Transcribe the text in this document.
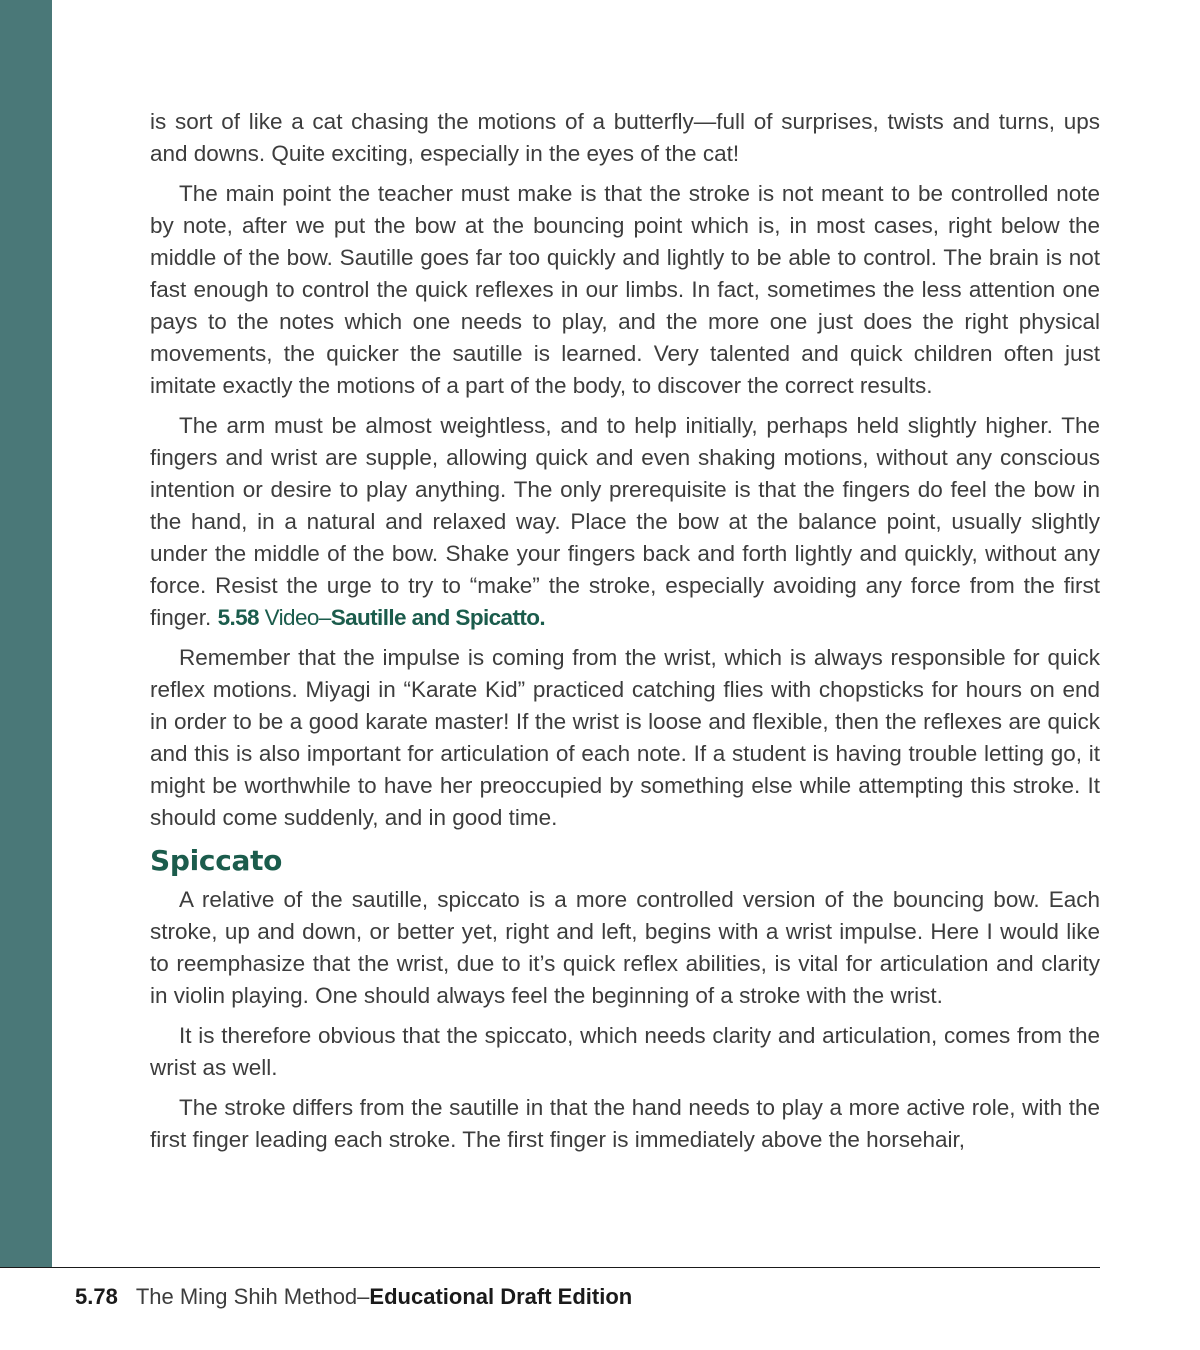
is sort of like a cat chasing the motions of a butterfly—full of surprises, twists and turns, ups and downs. Quite exciting, especially in the eyes of the cat!

The main point the teacher must make is that the stroke is not meant to be controlled note by note, after we put the bow at the bouncing point which is, in most cases, right below the middle of the bow. Sautille goes far too quickly and lightly to be able to control. The brain is not fast enough to control the quick reflexes in our limbs. In fact, sometimes the less attention one pays to the notes which one needs to play, and the more one just does the right physical movements, the quicker the sautille is learned. Very talented and quick children often just imitate exactly the motions of a part of the body, to discover the correct results.

The arm must be almost weightless, and to help initially, perhaps held slightly higher. The fingers and wrist are supple, allowing quick and even shaking motions, without any conscious intention or desire to play anything. The only prerequisite is that the fingers do feel the bow in the hand, in a natural and relaxed way. Place the bow at the balance point, usually slightly under the middle of the bow. Shake your fingers back and forth lightly and quickly, without any force. Resist the urge to try to “make” the stroke, especially avoiding any force from the first finger. 5.58 Video–Sautille and Spicatto.

Remember that the impulse is coming from the wrist, which is always responsible for quick reflex motions. Miyagi in “Karate Kid” practiced catching flies with chopsticks for hours on end in order to be a good karate master! If the wrist is loose and flexible, then the reflexes are quick and this is also important for articulation of each note. If a student is having trouble letting go, it might be worthwhile to have her preoccupied by something else while attempting this stroke. It should come suddenly, and in good time.

Spiccato

A relative of the sautille, spiccato is a more controlled version of the bouncing bow. Each stroke, up and down, or better yet, right and left, begins with a wrist impulse. Here I would like to reemphasize that the wrist, due to it’s quick reflex abilities, is vital for articulation and clarity in violin playing. One should always feel the beginning of a stroke with the wrist.

It is therefore obvious that the spiccato, which needs clarity and articulation, comes from the wrist as well.

The stroke differs from the sautille in that the hand needs to play a more active role, with the first finger leading each stroke. The first finger is immediately above the horsehair,

5.78 The Ming Shih Method–Educational Draft Edition
